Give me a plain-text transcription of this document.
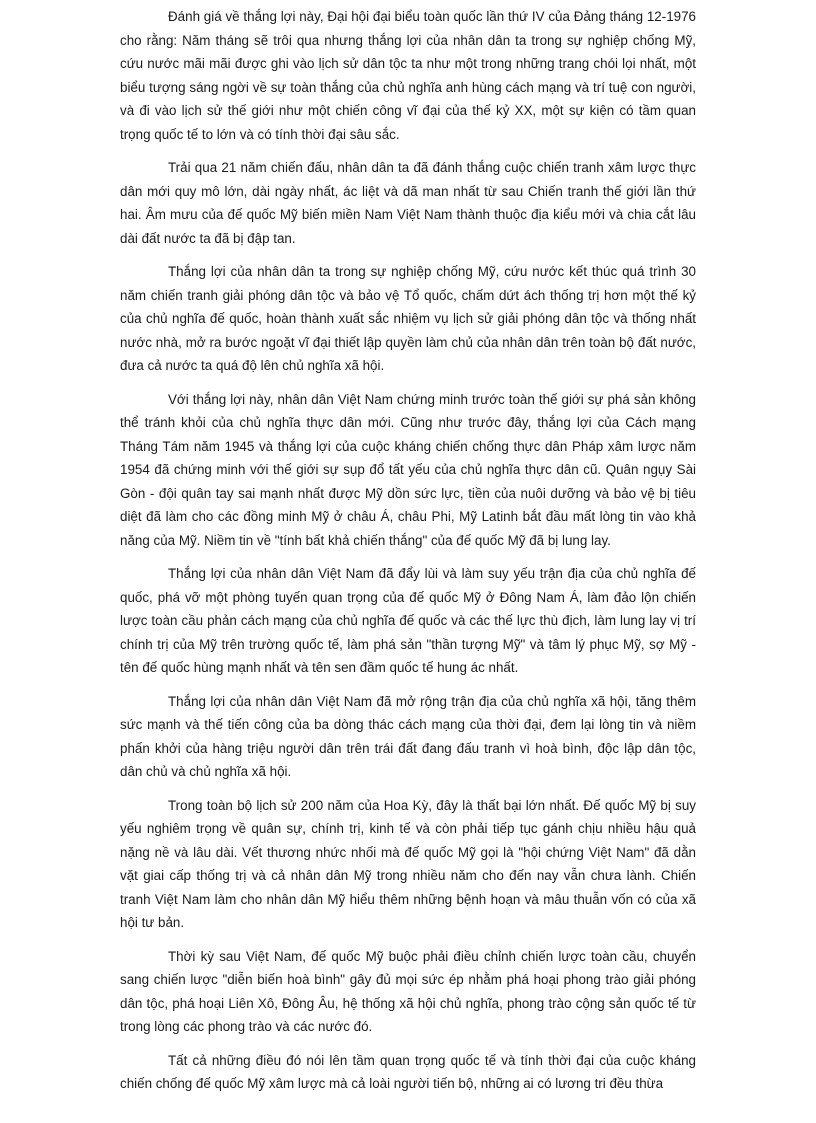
Đánh giá về thắng lợi này, Đại hội đại biểu toàn quốc lần thứ IV của Đảng tháng 12-1976 cho rằng: Năm tháng sẽ trôi qua nhưng thắng lợi của nhân dân ta trong sự nghiệp chống Mỹ, cứu nước mãi mãi được ghi vào lịch sử dân tộc ta như một trong những trang chói lọi nhất, một biểu tượng sáng ngời về sự toàn thắng của chủ nghĩa anh hùng cách mạng và trí tuệ con người, và đi vào lịch sử thế giới như một chiến công vĩ đại của thế kỷ XX, một sự kiện có tầm quan trọng quốc tế to lớn và có tính thời đại sâu sắc.

Trải qua 21 năm chiến đấu, nhân dân ta đã đánh thắng cuộc chiến tranh xâm lược thực dân mới quy mô lớn, dài ngày nhất, ác liệt và dã man nhất từ sau Chiến tranh thế giới lần thứ hai. Âm mưu của đế quốc Mỹ biến miền Nam Việt Nam thành thuộc địa kiểu mới và chia cắt lâu dài đất nước ta đã bị đập tan.

Thắng lợi của nhân dân ta trong sự nghiệp chống Mỹ, cứu nước kết thúc quá trình 30 năm chiến tranh giải phóng dân tộc và bảo vệ Tổ quốc, chấm dứt ách thống trị hơn một thế kỷ của chủ nghĩa đế quốc, hoàn thành xuất sắc nhiệm vụ lịch sử giải phóng dân tộc và thống nhất nước nhà, mở ra bước ngoặt vĩ đại thiết lập quyền làm chủ của nhân dân trên toàn bộ đất nước, đưa cả nước ta quá độ lên chủ nghĩa xã hội.

Với thắng lợi này, nhân dân Việt Nam chứng minh trước toàn thế giới sự phá sản không thể tránh khỏi của chủ nghĩa thực dân mới. Cũng như trước đây, thắng lợi của Cách mạng Tháng Tám năm 1945 và thắng lợi của cuộc kháng chiến chống thực dân Pháp xâm lược năm 1954 đã chứng minh với thế giới sự sụp đổ tất yếu của chủ nghĩa thực dân cũ. Quân ngụy Sài Gòn - đội quân tay sai mạnh nhất được Mỹ dồn sức lực, tiền của nuôi dưỡng và bảo vệ bị tiêu diệt đã làm cho các đồng minh Mỹ ở châu Á, châu Phi, Mỹ Latinh bắt đầu mất lòng tin vào khả năng của Mỹ. Niềm tin về "tính bất khả chiến thắng" của đế quốc Mỹ đã bị lung lay.

Thắng lợi của nhân dân Việt Nam đã đẩy lùi và làm suy yếu trận địa của chủ nghĩa đế quốc, phá vỡ một phòng tuyến quan trọng của đế quốc Mỹ ở Đông Nam Á, làm đảo lộn chiến lược toàn cầu phản cách mạng của chủ nghĩa đế quốc và các thế lực thù địch, làm lung lay vị trí chính trị của Mỹ trên trường quốc tế, làm phá sản "thần tượng Mỹ" và tâm lý phục Mỹ, sợ Mỹ - tên đế quốc hùng mạnh nhất và tên sen đầm quốc tế hung ác nhất.

Thắng lợi của nhân dân Việt Nam đã mở rộng trận địa của chủ nghĩa xã hội, tăng thêm sức mạnh và thế tiến công của ba dòng thác cách mạng của thời đại, đem lại lòng tin và niềm phấn khởi của hàng triệu người dân trên trái đất đang đấu tranh vì hoà bình, độc lập dân tộc, dân chủ và chủ nghĩa xã hội.

Trong toàn bộ lịch sử 200 năm của Hoa Kỳ, đây là thất bại lớn nhất. Đế quốc Mỹ bị suy yếu nghiêm trọng về quân sự, chính trị, kinh tế và còn phải tiếp tục gánh chịu nhiều hậu quả nặng nề và lâu dài. Vết thương nhức nhối mà đế quốc Mỹ gọi là "hội chứng Việt Nam" đã dằn vặt giai cấp thống trị và cả nhân dân Mỹ trong nhiều năm cho đến nay vẫn chưa lành. Chiến tranh Việt Nam làm cho nhân dân Mỹ hiểu thêm những bệnh hoạn và mâu thuẫn vốn có của xã hội tư bản.

Thời kỳ sau Việt Nam, đế quốc Mỹ buộc phải điều chỉnh chiến lược toàn cầu, chuyển sang chiến lược "diễn biến hoà bình" gây đủ mọi sức ép nhằm phá hoại phong trào giải phóng dân tộc, phá hoại Liên Xô, Đông Âu, hệ thống xã hội chủ nghĩa, phong trào cộng sản quốc tế từ trong lòng các phong trào và các nước đó.

Tất cả những điều đó nói lên tầm quan trọng quốc tế và tính thời đại của cuộc kháng chiến chống đế quốc Mỹ xâm lược mà cả loài người tiến bộ, những ai có lương tri đều thừa
